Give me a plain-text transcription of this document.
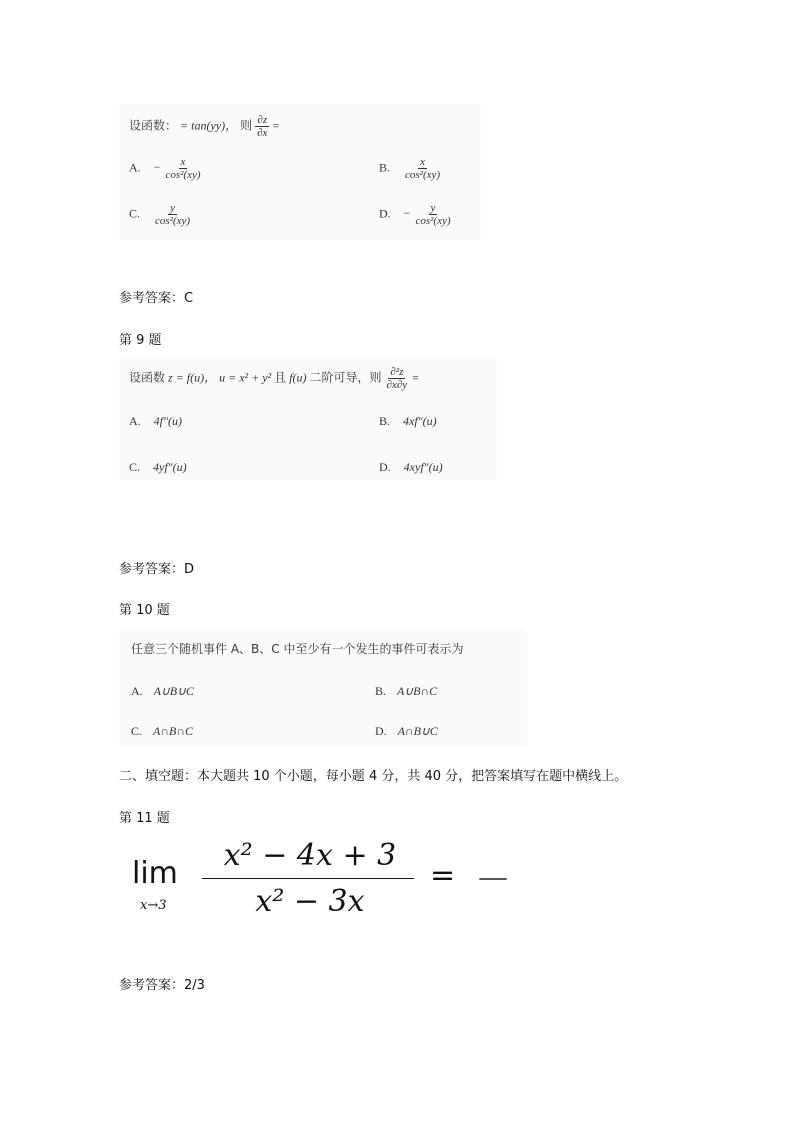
设函数： = tan(yy)， 则 $\frac{\partial z}{\partial x}$ =
A. − $\frac{x}{\text{cos²(xy)}}$	B. $\frac{x}{\text{cos²(xy)}}$
C. $\frac{y}{\text{cos²(xy)}}$	D. − $\frac{y}{\text{cos²(xy)}}$
参考答案：C
第 9 题
设函数 z = f(u)， u = x² + y² 且 f(u) 二阶可导，则 $\frac{\text{∂²z}}{\partial x\partial y}$ =
A. 4f″(u)	B. 4xf″(u)
C. 4yf″(u)	D. 4xyf″(u)
参考答案：D
第 10 题
任意三个随机事件 A、B、C 中至少有一个发生的事件可表示为
A. A∪B∪C	B. A∪B∩C
C. A∩B∩C	D. A∩B∪C
二、填空题：本大题共 10 个小题，每小题 4 分，共 40 分，把答案填写在题中横线上。
第 11 题
lim
x→3
x² − 4x + 3
x² − 3x
= —
参考答案：2/3
